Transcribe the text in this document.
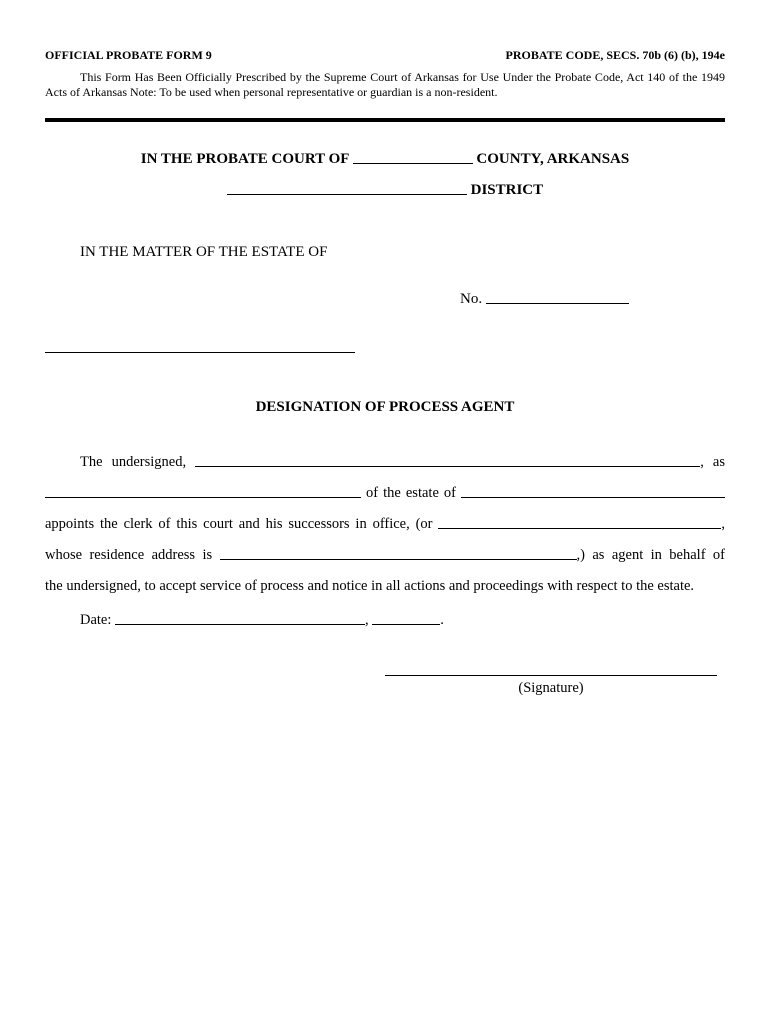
OFFICIAL PROBATE FORM 9	PROBATE CODE, SECS. 70b (6) (b), 194e
This Form Has Been Officially Prescribed by the Supreme Court of Arkansas for Use Under the Probate Code, Act 140 of the 1949 Acts of Arkansas Note: To be used when personal representative or guardian is a non-resident.
IN THE PROBATE COURT OF	COUNTY, ARKANSAS
DISTRICT
IN THE MATTER OF THE ESTATE OF
No.
DESIGNATION OF PROCESS AGENT
The undersigned,	, as
of the estate of
appoints the clerk of this court and his successors in office, (or	,
whose residence address is	,) as agent in behalf of
the undersigned, to accept service of process and notice in all actions and proceedings with respect to the estate.
Date:	,	.
(Signature)
